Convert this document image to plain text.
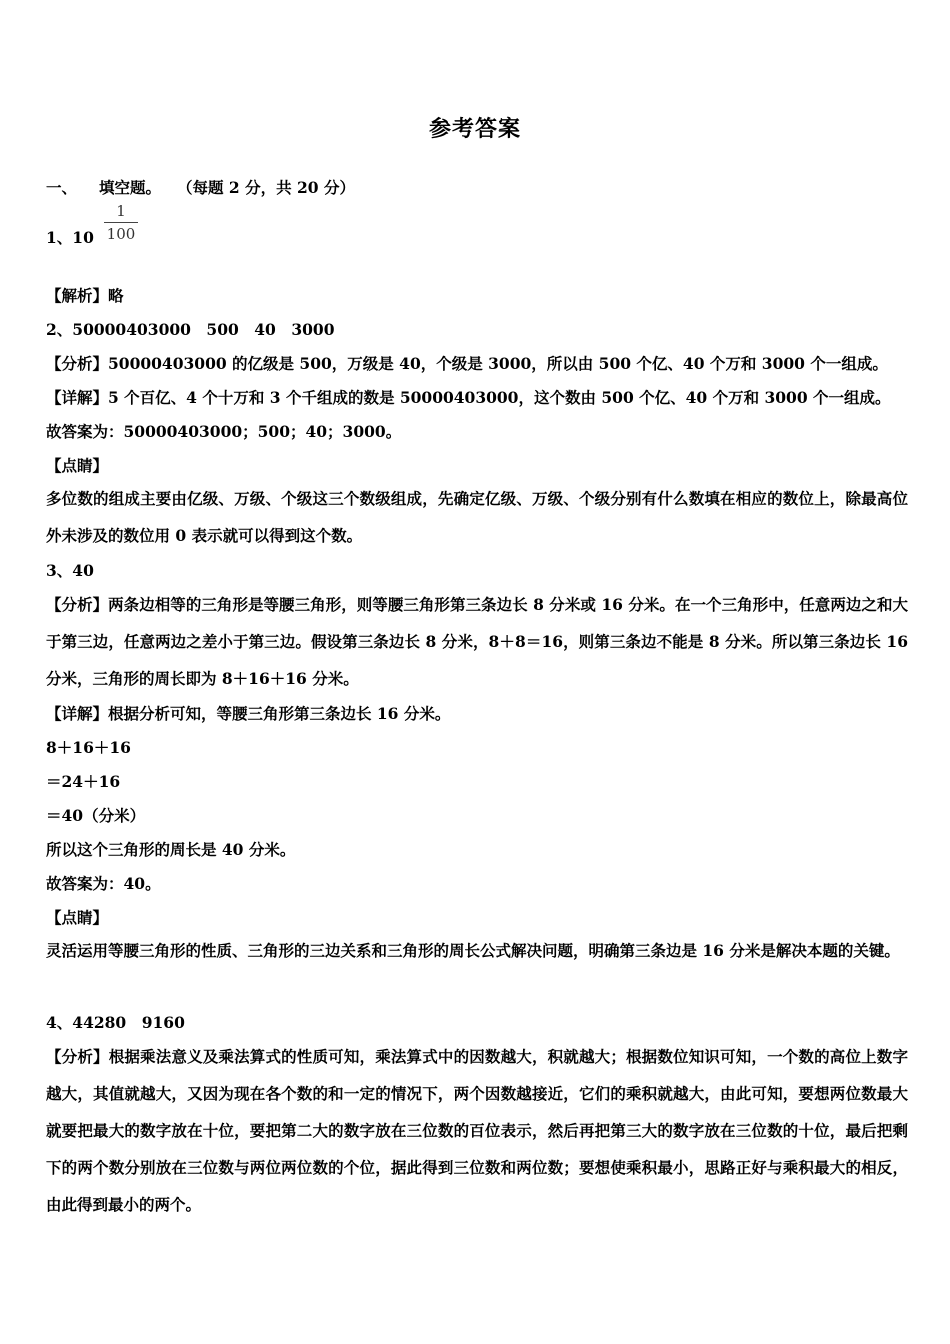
参考答案
一、 填空题。 （每题 2 分，共 20 分）
1、10
1
100
【解析】略
2、50000403000　500　40　3000
【分析】50000403000 的亿级是 500，万级是 40，个级是 3000，所以由 500 个亿、40 个万和 3000 个一组成。
【详解】5 个百亿、4 个十万和 3 个千组成的数是 50000403000，这个数由 500 个亿、40 个万和 3000 个一组成。
故答案为：50000403000；500；40；3000。
【点睛】
多位数的组成主要由亿级、万级、个级这三个数级组成，先确定亿级、万级、个级分别有什么数填在相应的数位上，除最高位外未涉及的数位用 0 表示就可以得到这个数。
3、40
【分析】两条边相等的三角形是等腰三角形，则等腰三角形第三条边长 8 分米或 16 分米。在一个三角形中，任意两边之和大于第三边，任意两边之差小于第三边。假设第三条边长 8 分米，8＋8＝16，则第三条边不能是 8 分米。所以第三条边长 16 分米，三角形的周长即为 8＋16＋16 分米。
【详解】根据分析可知，等腰三角形第三条边长 16 分米。
8＋16＋16
＝24＋16
＝40（分米）
所以这个三角形的周长是 40 分米。
故答案为：40。
【点睛】
灵活运用等腰三角形的性质、三角形的三边关系和三角形的周长公式解决问题，明确第三条边是 16 分米是解决本题的关键。
4、44280　9160
【分析】根据乘法意义及乘法算式的性质可知，乘法算式中的因数越大，积就越大；根据数位知识可知，一个数的高位上数字越大，其值就越大，又因为现在各个数的和一定的情况下，两个因数越接近，它们的乘积就越大，由此可知，要想两位数最大就要把最大的数字放在十位，要把第二大的数字放在三位数的百位表示，然后再把第三大的数字放在三位数的十位，最后把剩下的两个数分别放在三位数与两位两位数的个位，据此得到三位数和两位数；要想使乘积最小，思路正好与乘积最大的相反，由此得到最小的两个。
